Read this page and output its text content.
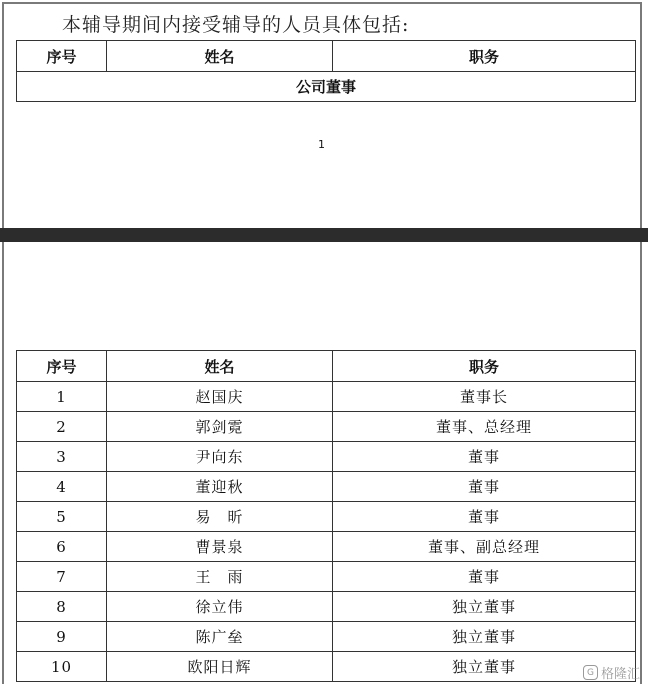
本辅导期间内接受辅导的人员具体包括:
序号	姓名	职务
公司董事
1
序号	姓名	职务
1	赵国庆	董事长
2	郭剑霓	董事、总经理
3	尹向东	董事
4	董迎秋	董事
5	易　昕	董事
6	曹景泉	董事、副总经理
7	王　雨	董事
8	徐立伟	独立董事
9	陈广垒	独立董事
10	欧阳日辉	独立董事	G 格隆汇
